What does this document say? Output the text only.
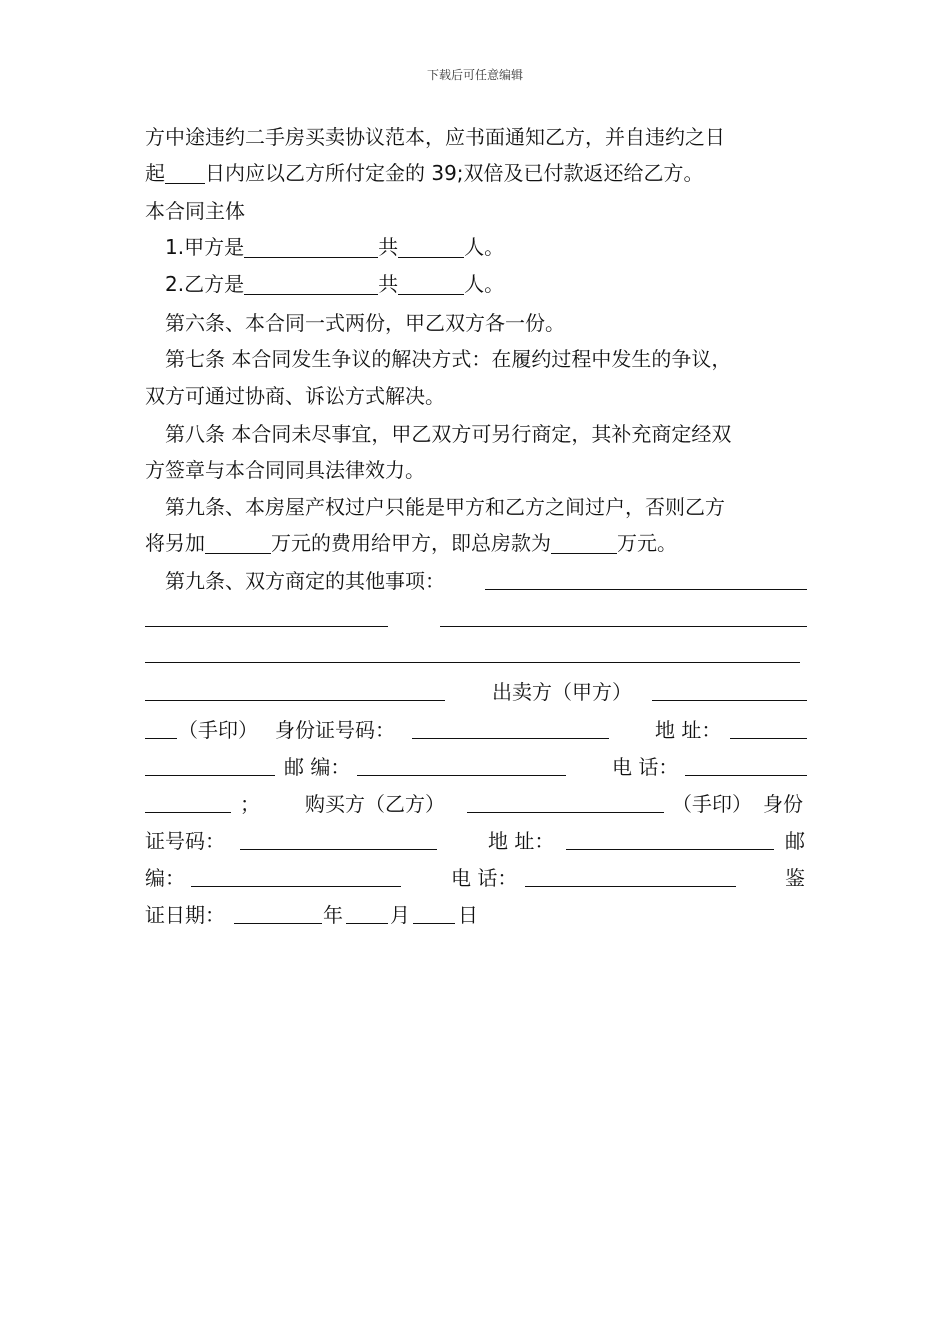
下载后可任意编辑
方中途违约二手房买卖协议范本，应书面通知乙方，并自违约之日
起 日内应以乙方所付定金的 39;双倍及已付款返还给乙方。
本合同主体
1.甲方是	共	人。
2.乙方是	共	人。
第六条、本合同一式两份，甲乙双方各一份。
第七条 本合同发生争议的解决方式：在履约过程中发生的争议，
双方可通过协商、诉讼方式解决。
第八条 本合同未尽事宜，甲乙双方可另行商定，其补充商定经双
方签章与本合同同具法律效力。
第九条、本房屋产权过户只能是甲方和乙方之间过户，否则乙方
将另加	万元的费用给甲方，即总房款为	万元。
第九条、双方商定的其他事项：
出卖方（甲方）
（手印） 身份证号码：	地 址：
邮 编：	电 话：
； 购买方（乙方）	（手印） 身份
证号码：	地 址：	邮
编：	电 话：	鉴
证日期：	年 月 日
